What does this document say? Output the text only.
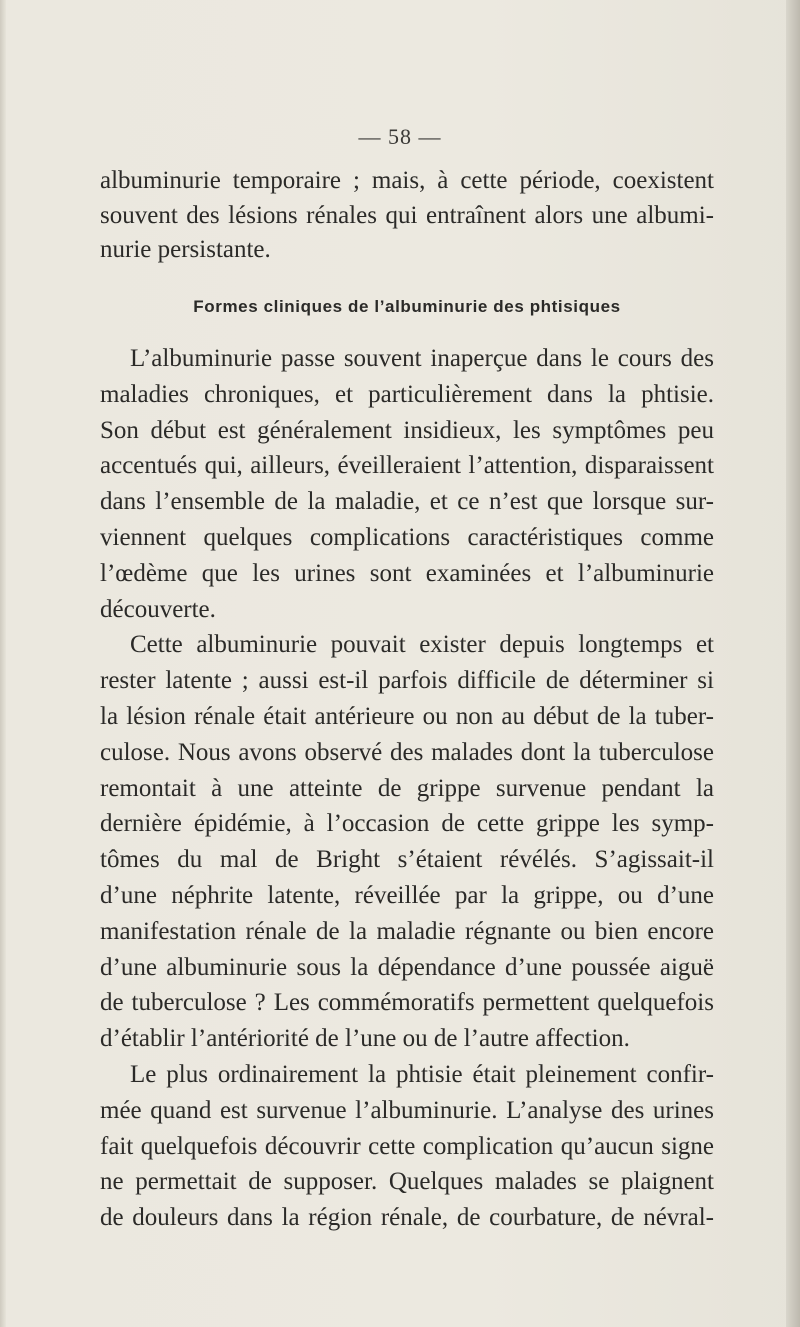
— 58 —
albuminurie temporaire ; mais, à cette période, coexistent
souvent des lésions rénales qui entraînent alors une albumi-
nurie persistante.
Formes cliniques de l’albuminurie des phtisiques
L’albuminurie passe souvent inaperçue dans le cours des
maladies chroniques, et particulièrement dans la phtisie.
Son début est généralement insidieux, les symptômes peu
accentués qui, ailleurs, éveilleraient l’attention, disparaissent
dans l’ensemble de la maladie, et ce n’est que lorsque sur-
viennent quelques complications caractéristiques comme
l’œdème que les urines sont examinées et l’albuminurie
découverte.
Cette albuminurie pouvait exister depuis longtemps et
rester latente ; aussi est-il parfois difficile de déterminer si
la lésion rénale était antérieure ou non au début de la tuber-
culose. Nous avons observé des malades dont la tuberculose
remontait à une atteinte de grippe survenue pendant la
dernière épidémie, à l’occasion de cette grippe les symp-
tômes du mal de Bright s’étaient révélés. S’agissait-il
d’une néphrite latente, réveillée par la grippe, ou d’une
manifestation rénale de la maladie régnante ou bien encore
d’une albuminurie sous la dépendance d’une poussée aiguë
de tuberculose ? Les commémoratifs permettent quelquefois
d’établir l’antériorité de l’une ou de l’autre affection.
Le plus ordinairement la phtisie était pleinement confir-
mée quand est survenue l’albuminurie. L’analyse des urines
fait quelquefois découvrir cette complication qu’aucun signe
ne permettait de supposer. Quelques malades se plaignent
de douleurs dans la région rénale, de courbature, de névral-
